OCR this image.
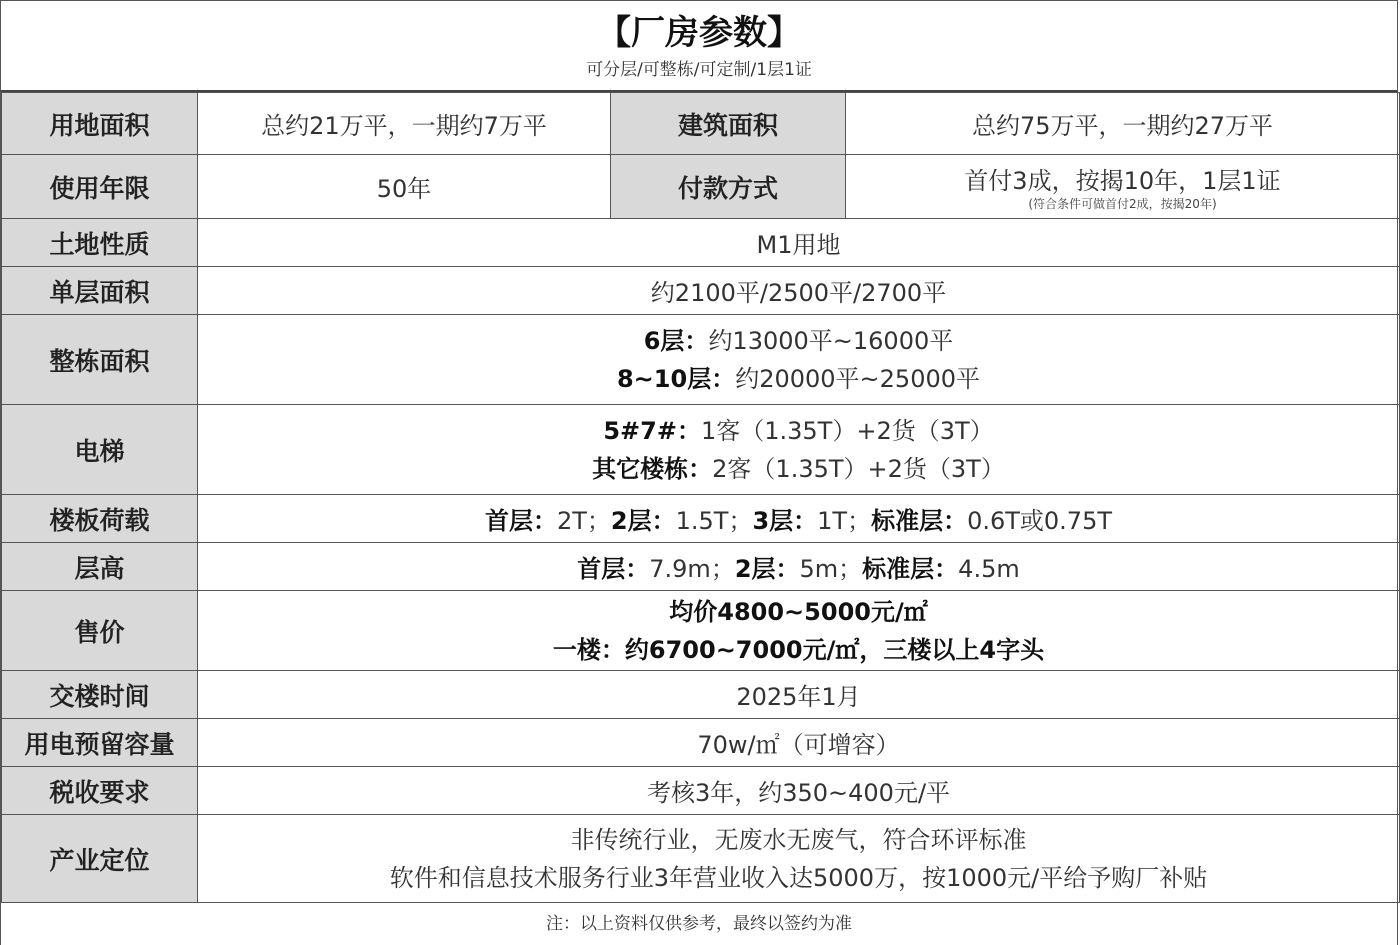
【厂房参数】
可分层/可整栋/可定制/1层1证
用地面积	总约21万平，一期约7万平	建筑面积	总约75万平，一期约27万平
使用年限	50年	付款方式	首付3成，按揭10年，1层1证
(符合条件可做首付2成，按揭20年)

土地性质	M1用地		
单层面积	约2100平/2500平/2700平		
整栋面积	6层：约13000平~16000平
8~10层：约20000平~25000平		

电梯	5#7#：1客（1.35T）+2货（3T）
其它楼栋：2客（1.35T）+2货（3T）		

楼板荷载	首层：2T；2层：1.5T；3层：1T；标准层：0.6T或0.75T		
层高	首层：7.9m；2层：5m；标准层：4.5m		
售价	均价4800~5000元/㎡
一楼：约6700~7000元/㎡，三楼以上4字头		

交楼时间	2025年1月		
用电预留容量	70w/㎡（可增容）		
税收要求	考核3年，约350~400元/平		
产业定位	非传统行业，无废水无废气，符合环评标准
软件和信息技术服务行业3年营业收入达5000万，按1000元/平给予购厂补贴		
注：以上资料仅供参考，最终以签约为准
